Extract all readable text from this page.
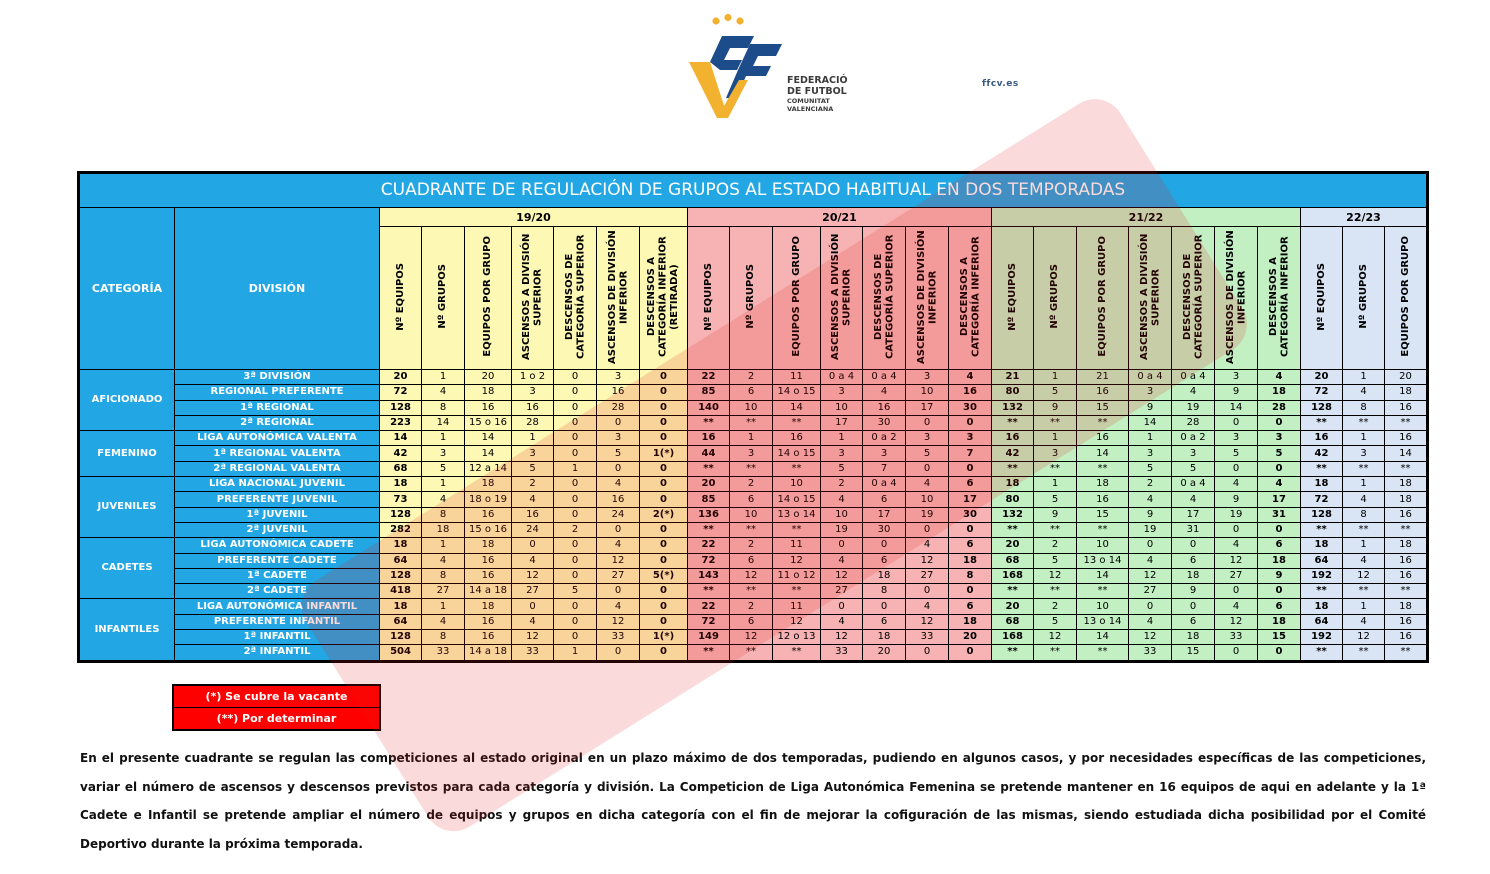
FEDERACIÓ
DE FUTBOL
COMUNITAT
VALENCIANA
ffcv.es
CUADRANTE DE REGULACIÓN DE GRUPOS AL ESTADO HABITUAL EN DOS TEMPORADAS																									
CATEGORÍA	DIVISIÓN	19/20							20/21							21/22							22/23		
		Nº EQUIPOS	Nº GRUPOS	EQUIPOS POR GRUPO	ASCENSOS A DIVISIÓN SUPERIOR	DESCENSOS DE CATEGORÍA SUPERIOR	ASCENSOS DE DIVISIÓN INFERIOR	DESCENSOS A CATEGORÍA INFERIOR (RETIRADA)	Nº EQUIPOS	Nº GRUPOS	EQUIPOS POR GRUPO	ASCENSOS A DIVISIÓN SUPERIOR	DESCENSOS DE CATEGORÍA SUPERIOR	ASCENSOS DE DIVISIÓN INFERIOR	DESCENSOS A CATEGORÍA INFERIOR	Nº EQUIPOS	Nº GRUPOS	EQUIPOS POR GRUPO	ASCENSOS A DIVISIÓN SUPERIOR	DESCENSOS DE CATEGORÍA SUPERIOR	ASCENSOS DE DIVISIÓN INFERIOR	DESCENSOS A CATEGORÍA INFERIOR	Nº EQUIPOS	Nº GRUPOS	EQUIPOS POR GRUPO
AFICIONADO	3ª DIVISIÓN	20	1	20	1 o 2	0	3	0	22	2	11	0 a 4	0 a 4	3	4	21	1	21	0 a 4	0 a 4	3	4	20	1	20
	REGIONAL PREFERENTE	72	4	18	3	0	16	0	85	6	14 o 15	3	4	10	16	80	5	16	3	4	9	18	72	4	18
	1ª REGIONAL	128	8	16	16	0	28	0	140	10	14	10	16	17	30	132	9	15	9	19	14	28	128	8	16
	2ª REGIONAL	223	14	15 o 16	28	0	0	0	**	**	**	17	30	0	0	**	**	**	14	28	0	0	**	**	**
FEMENINO	LIGA AUTONÓMICA VALENTA	14	1	14	1	0	3	0	16	1	16	1	0 a 2	3	3	16	1	16	1	0 a 2	3	3	16	1	16
	1ª REGIONAL VALENTA	42	3	14	3	0	5	1(*)	44	3	14 o 15	3	3	5	7	42	3	14	3	3	5	5	42	3	14
	2ª REGIONAL VALENTA	68	5	12 a 14	5	1	0	0	**	**	**	5	7	0	0	**	**	**	5	5	0	0	**	**	**
JUVENILES	LIGA NACIONAL JUVENIL	18	1	18	2	0	4	0	20	2	10	2	0 a 4	4	6	18	1	18	2	0 a 4	4	4	18	1	18
	PREFERENTE JUVENIL	73	4	18 o 19	4	0	16	0	85	6	14 o 15	4	6	10	17	80	5	16	4	4	9	17	72	4	18
	1ª JUVENIL	128	8	16	16	0	24	2(*)	136	10	13 o 14	10	17	19	30	132	9	15	9	17	19	31	128	8	16
	2ª JUVENIL	282	18	15 o 16	24	2	0	0	**	**	**	19	30	0	0	**	**	**	19	31	0	0	**	**	**
CADETES	LIGA AUTONÓMICA CADETE	18	1	18	0	0	4	0	22	2	11	0	0	4	6	20	2	10	0	0	4	6	18	1	18
	PREFERENTE CADETE	64	4	16	4	0	12	0	72	6	12	4	6	12	18	68	5	13 o 14	4	6	12	18	64	4	16
	1ª CADETE	128	8	16	12	0	27	5(*)	143	12	11 o 12	12	18	27	8	168	12	14	12	18	27	9	192	12	16
	2ª CADETE	418	27	14 a 18	27	5	0	0	**	**	**	27	8	0	0	**	**	**	27	9	0	0	**	**	**
INFANTILES	LIGA AUTONÓMICA INFANTIL	18	1	18	0	0	4	0	22	2	11	0	0	4	6	20	2	10	0	0	4	6	18	1	18
	PREFERENTE INFANTIL	64	4	16	4	0	12	0	72	6	12	4	6	12	18	68	5	13 o 14	4	6	12	18	64	4	16
	1ª INFANTIL	128	8	16	12	0	33	1(*)	149	12	12 o 13	12	18	33	20	168	12	14	12	18	33	15	192	12	16
	2ª INFANTIL	504	33	14 a 18	33	1	0	0	**	**	**	33	20	0	0	**	**	**	33	15	0	0	**	**	**
(*) Se cubre la vacante
(**) Por determinar

En el presente cuadrante se regulan las competiciones al estado original en un plazo máximo de dos temporadas, pudiendo en algunos casos, y por necesidades específicas de las competiciones, variar el número de ascensos y descensos previstos para cada categoría y división. La Competicion de Liga Autonómica Femenina se pretende mantener en 16 equipos de aqui en adelante y la 1ª Cadete e Infantil se pretende ampliar el número de equipos y grupos en dicha categoría con el fin de mejorar la cofiguración de las mismas, siendo estudiada dicha posibilidad por el Comité Deportivo durante la próxima temporada.
